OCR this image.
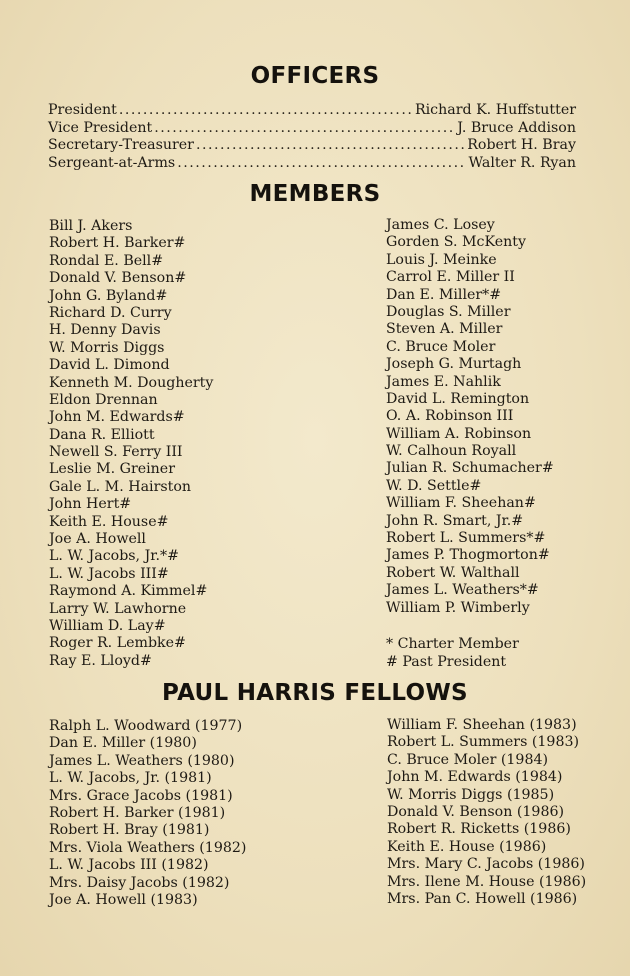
OFFICERS
President .....	Richard K. Huffstutter
Vice President .....	J. Bruce Addison
Secretary-Treasurer .....	Robert H. Bray
Sergeant-at-Arms .....	Walter R. Ryan
MEMBERS
Bill J. Akers
Robert H. Barker#
Rondal E. Bell#
Donald V. Benson#
John G. Byland#
Richard D. Curry
H. Denny Davis
W. Morris Diggs
David L. Dimond
Kenneth M. Dougherty
Eldon Drennan
John M. Edwards#
Dana R. Elliott
Newell S. Ferry III
Leslie M. Greiner
Gale L. M. Hairston
John Hert#
Keith E. House#
Joe A. Howell
L. W. Jacobs, Jr.*#
L. W. Jacobs III#
Raymond A. Kimmel#
Larry W. Lawhorne
William D. Lay#
Roger R. Lembke#
Ray E. Lloyd#
James C. Losey
Gorden S. McKenty
Louis J. Meinke
Carrol E. Miller II
Dan E. Miller*#
Douglas S. Miller
Steven A. Miller
C. Bruce Moler
Joseph G. Murtagh
James E. Nahlik
David L. Remington
O. A. Robinson III
William A. Robinson
W. Calhoun Royall
Julian R. Schumacher#
W. D. Settle#
William F. Sheehan#
John R. Smart, Jr.#
Robert L. Summers*#
James P. Thogmorton#
Robert W. Walthall
James L. Weathers*#
William P. Wimberly
* Charter Member
# Past President
PAUL HARRIS FELLOWS
Ralph L. Woodward (1977)
Dan E. Miller (1980)
James L. Weathers (1980)
L. W. Jacobs, Jr. (1981)
Mrs. Grace Jacobs (1981)
Robert H. Barker (1981)
Robert H. Bray (1981)
Mrs. Viola Weathers (1982)
L. W. Jacobs III (1982)
Mrs. Daisy Jacobs (1982)
Joe A. Howell (1983)
William F. Sheehan (1983)
Robert L. Summers (1983)
C. Bruce Moler (1984)
John M. Edwards (1984)
W. Morris Diggs (1985)
Donald V. Benson (1986)
Robert R. Ricketts (1986)
Keith E. House (1986)
Mrs. Mary C. Jacobs (1986)
Mrs. Ilene M. House (1986)
Mrs. Pan C. Howell (1986)
